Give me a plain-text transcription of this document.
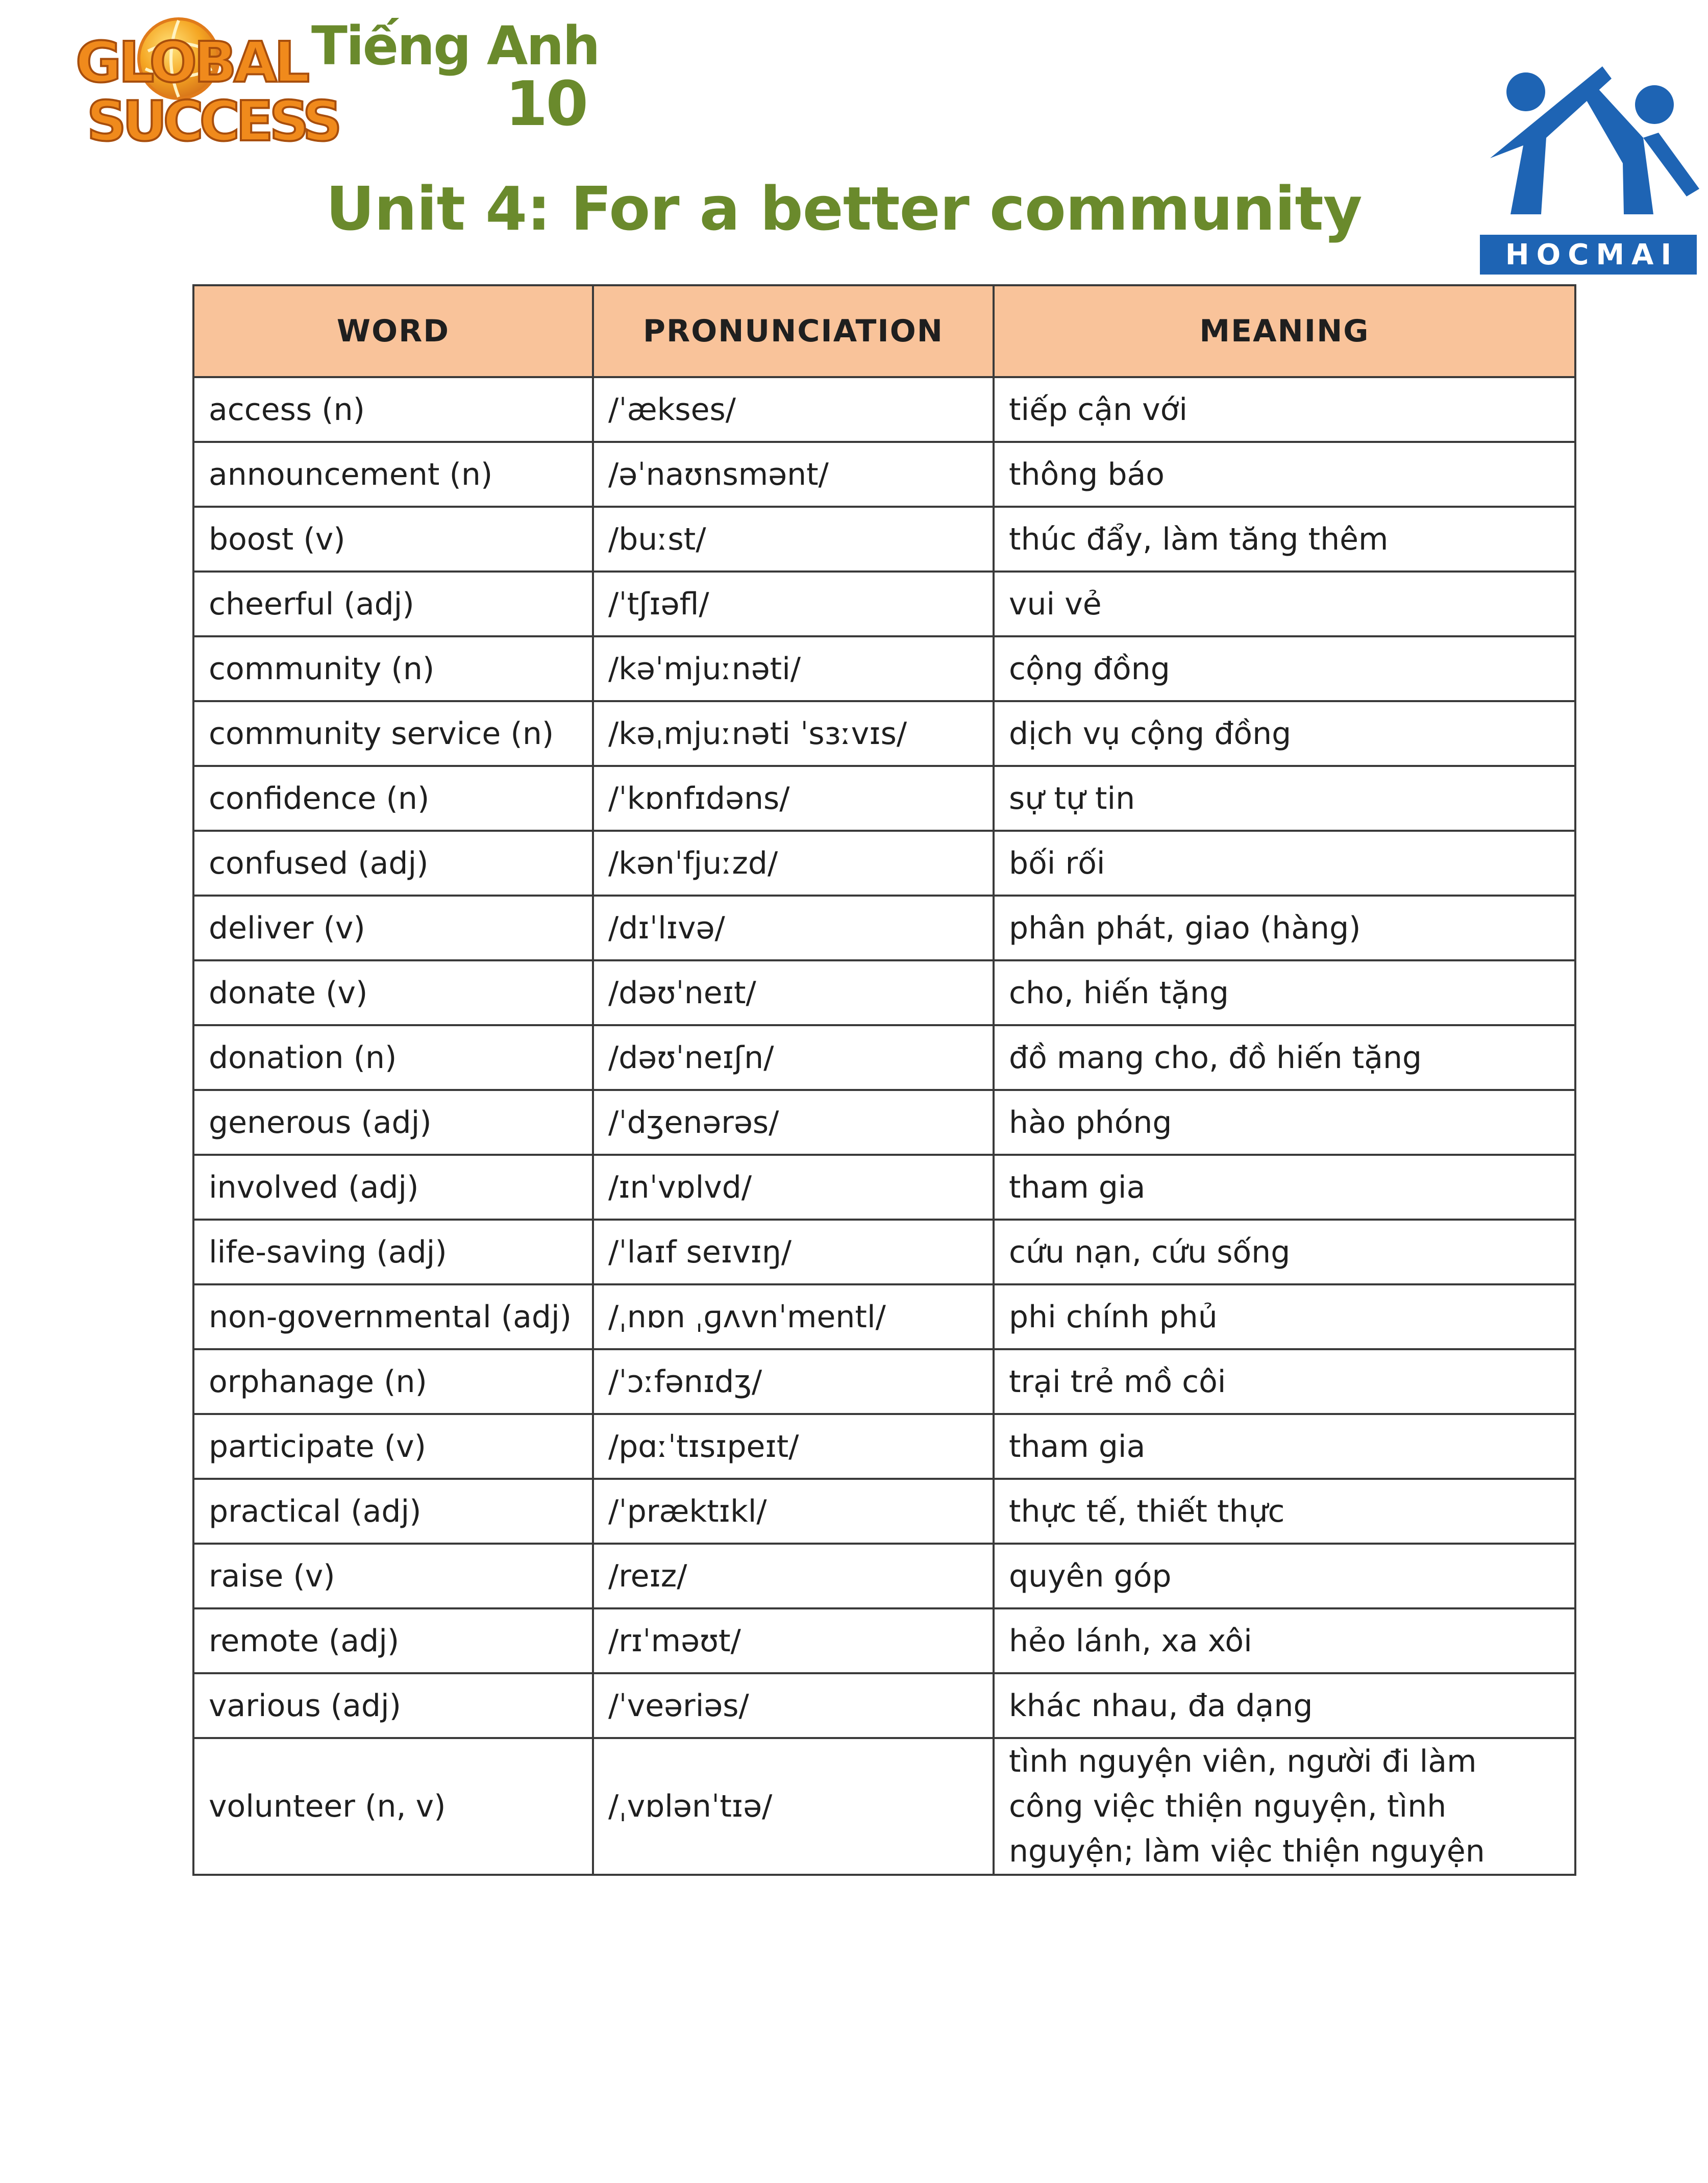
GLOBAL
SUCCESS
Tiếng Anh
10
HOCMAI
Unit 4: For a better community
WORD	PRONUNCIATION	MEANING
access (n)	/ˈækses/	tiếp cận với
announcement (n)	/əˈnaʊnsmənt/	thông báo
boost (v)	/buːst/	thúc đẩy, làm tăng thêm
cheerful (adj)	/ˈtʃɪəfl/	vui vẻ
community (n)	/kəˈmjuːnəti/	cộng đồng
community service (n)	/kəˌmjuːnəti ˈsɜːvɪs/	dịch vụ cộng đồng
confidence (n)	/ˈkɒnfɪdəns/	sự tự tin
confused (adj)	/kənˈfjuːzd/	bối rối
deliver (v)	/dɪˈlɪvə/	phân phát, giao (hàng)
donate (v)	/dəʊˈneɪt/	cho, hiến tặng
donation (n)	/dəʊˈneɪʃn/	đồ mang cho, đồ hiến tặng
generous (adj)	/ˈdʒenərəs/	hào phóng
involved (adj)	/ɪnˈvɒlvd/	tham gia
life-saving (adj)	/ˈlaɪf seɪvɪŋ/	cứu nạn, cứu sống
non-governmental (adj)	/ˌnɒn ˌɡʌvnˈmentl/	phi chính phủ
orphanage (n)	/ˈɔːfənɪdʒ/	trại trẻ mồ côi
participate (v)	/pɑːˈtɪsɪpeɪt/	tham gia
practical (adj)	/ˈpræktɪkl/	thực tế, thiết thực
raise (v)	/reɪz/	quyên góp
remote (adj)	/rɪˈməʊt/	hẻo lánh, xa xôi
various (adj)	/ˈveəriəs/	khác nhau, đa dạng
volunteer (n, v)	/ˌvɒlənˈtɪə/	tình nguyện viên, người đi làm công việc thiện nguyện, tình nguyện; làm việc thiện nguyện
